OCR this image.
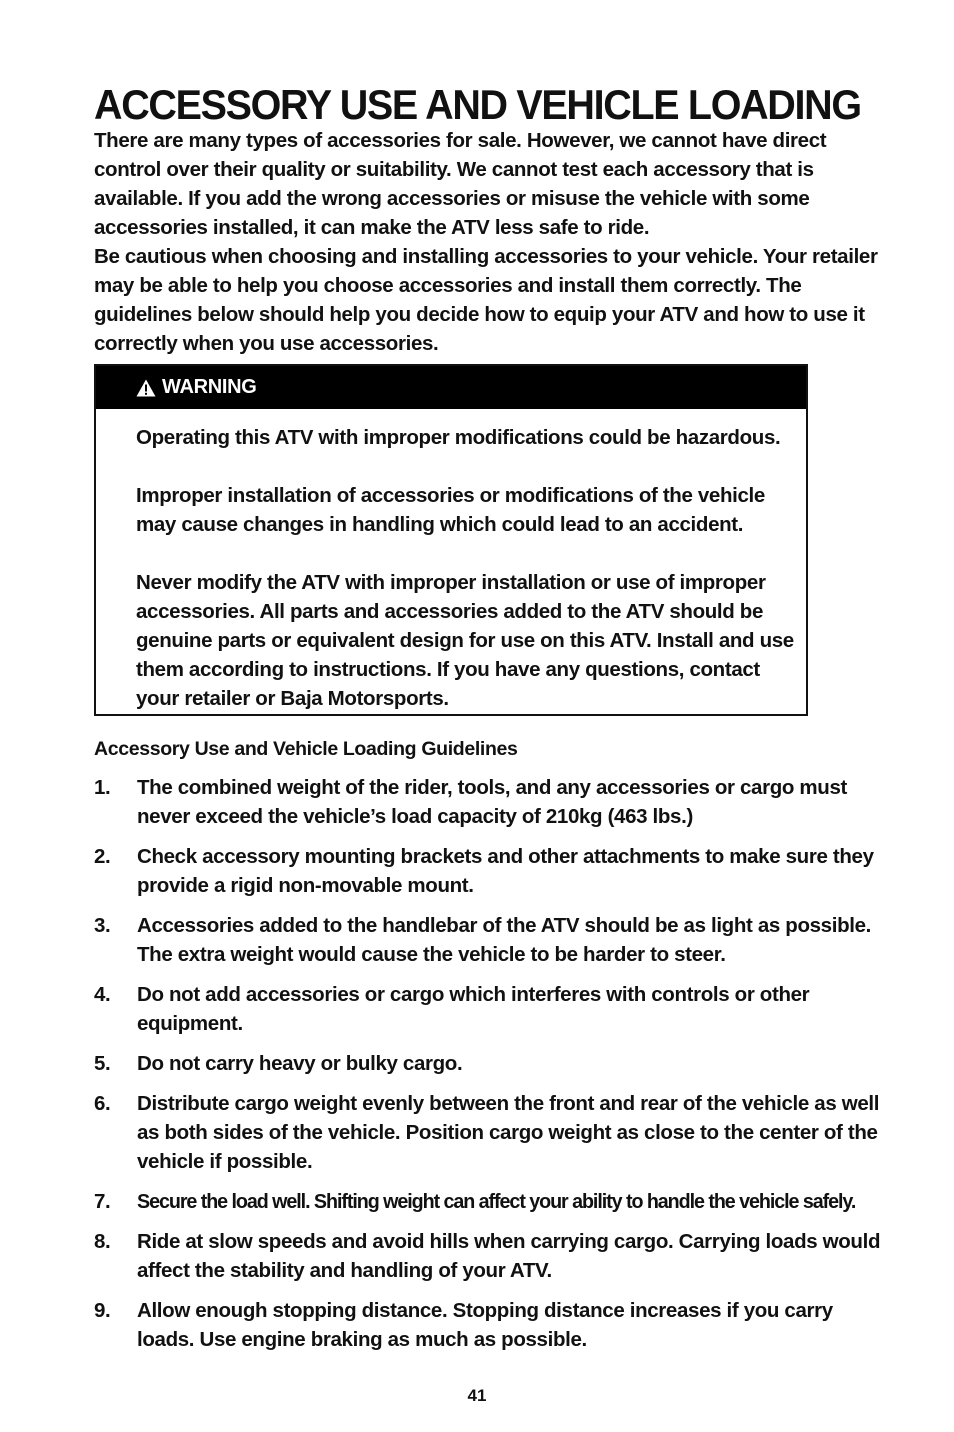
ACCESSORY USE AND VEHICLE LOADING

There are many types of accessories for sale. However, we cannot have direct control over their quality or suitability. We cannot test each accessory that is available. If you add the wrong accessories or misuse the vehicle with some accessories installed, it can make the ATV less safe to ride.

Be cautious when choosing and installing accessories to your vehicle. Your retailer may be able to help you choose accessories and install them correctly. The guidelines below should help you decide how to equip your ATV and how to use it correctly when you use accessories.

WARNING

Operating this ATV with improper modifications could be hazardous.

Improper installation of accessories or modifications of the vehicle may cause changes in handling which could lead to an accident.

Never modify the ATV with improper installation or use of improper accessories. All parts and accessories added to the ATV should be genuine parts or equivalent design for use on this ATV. Install and use them according to instructions. If you have any questions, contact your retailer or Baja Motorsports.

Accessory Use and Vehicle Loading Guidelines
1. The combined weight of the rider, tools, and any accessories or cargo must never exceed the vehicle’s load capacity of 210kg (463 lbs.)
2. Check accessory mounting brackets and other attachments to make sure they provide a rigid non-movable mount.
3. Accessories added to the handlebar of the ATV should be as light as possible. The extra weight would cause the vehicle to be harder to steer.
4. Do not add accessories or cargo which interferes with controls or other equipment.
5. Do not carry heavy or bulky cargo.
6. Distribute cargo weight evenly between the front and rear of the vehicle as well as both sides of the vehicle. Position cargo weight as close to the center of the vehicle if possible.
7. Secure the load well. Shifting weight can affect your ability to handle the vehicle safely.
8. Ride at slow speeds and avoid hills when carrying cargo. Carrying loads would affect the stability and handling of your ATV.
9. Allow enough stopping distance. Stopping distance increases if you carry loads. Use engine braking as much as possible.
41
